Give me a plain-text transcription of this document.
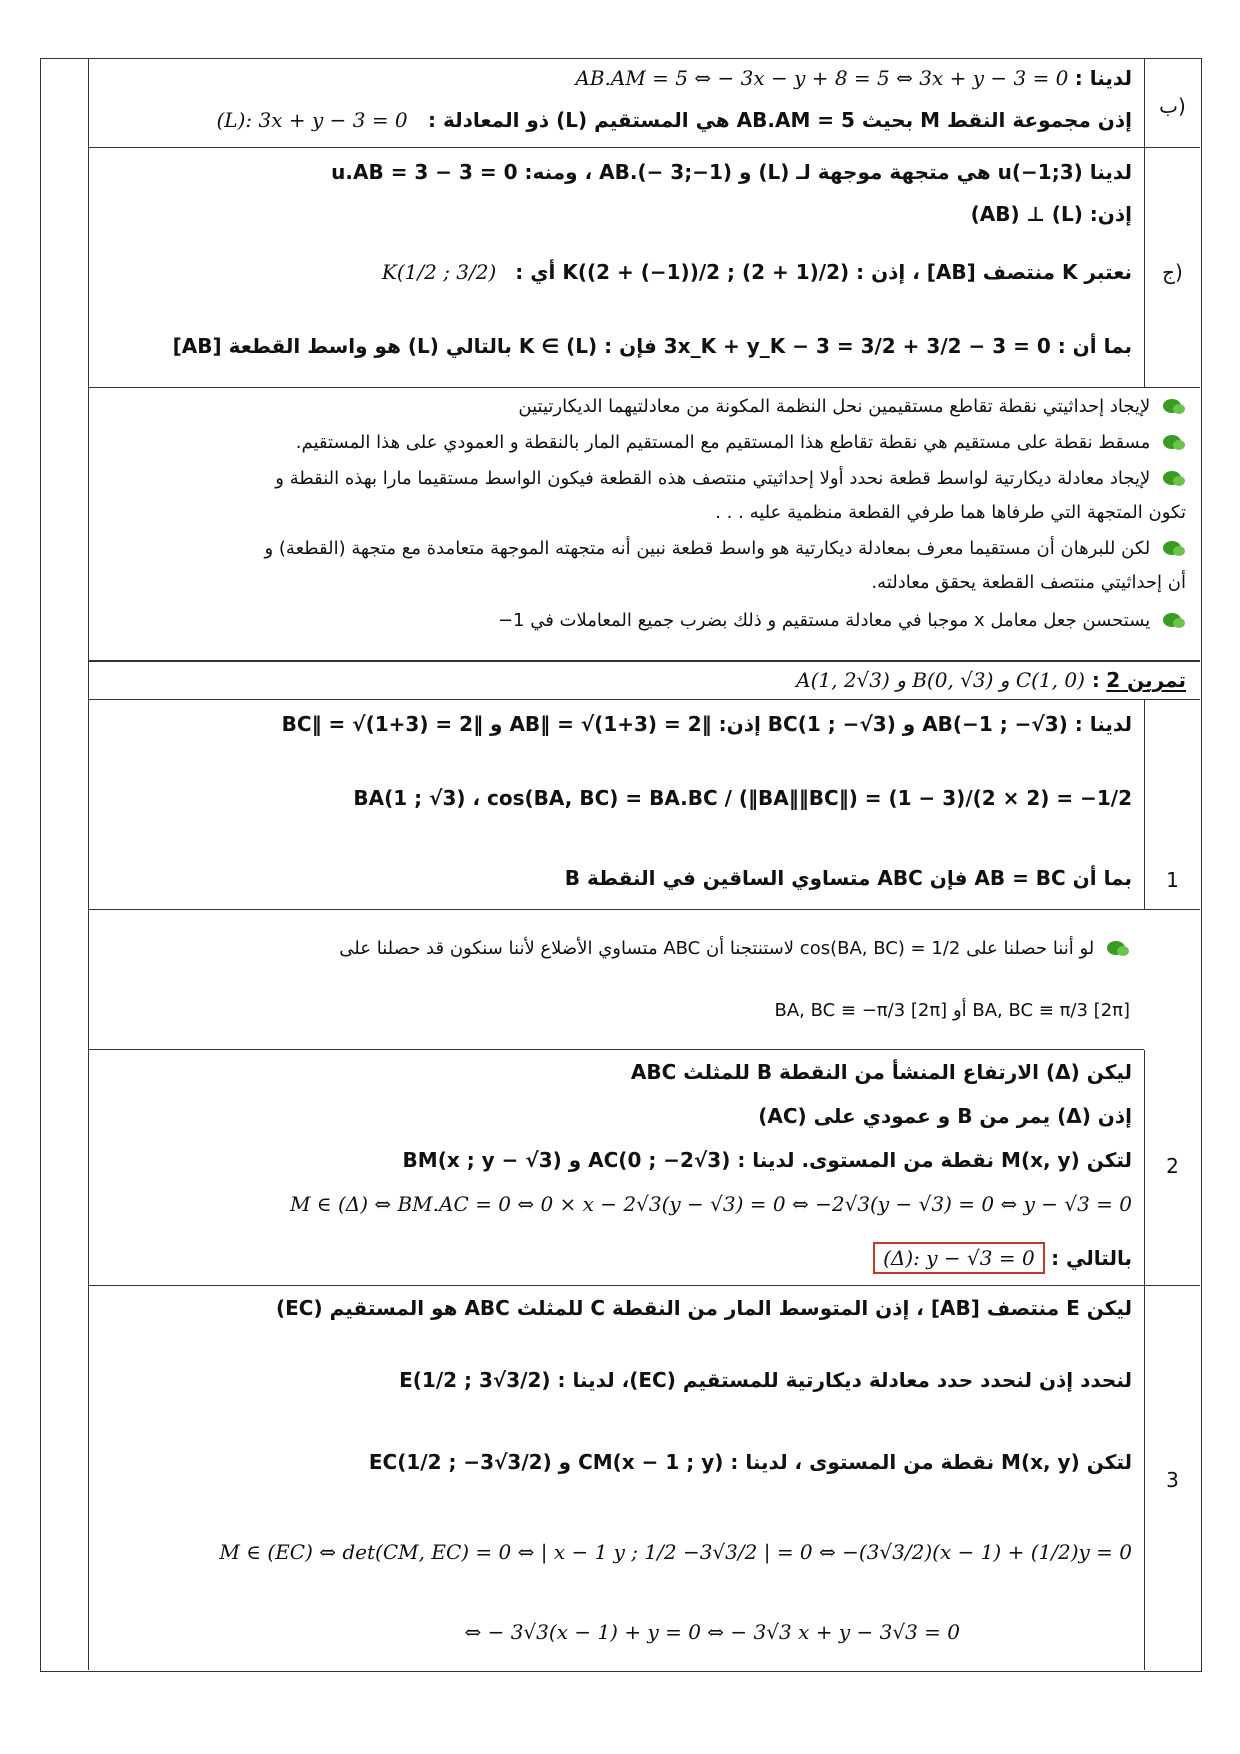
ب)
لدينا : AB.AM = 5 ⇔ − 3x − y + 8 = 5 ⇔ 3x + y − 3 = 0
إذن مجموعة النقط M بحيث AB.AM = 5 هي المستقيم (L) ذو المعادلة : (L): 3x + y − 3 = 0
ج)
لدينا u(−1;3) هي متجهة موجهة لـ (L) و AB.(− 3;−1) ، ومنه: u.AB = 3 − 3 = 0
إذن: (L) ⊥ (AB)
نعتبر K منتصف [AB] ، إذن : K((2 + (−1))/2 ; (2 + 1)/2) أي : K(1/2 ; 3/2)
بما أن : 3x_K + y_K − 3 = 3/2 + 3/2 − 3 = 0 فإن : K ∈ (L) بالتالي (L) هو واسط القطعة [AB]
لإيجاد إحداثيتي نقطة تقاطع مستقيمين نحل النظمة المكونة من معادلتيهما الديكارتيتين
مسقط نقطة على مستقيم هي نقطة تقاطع هذا المستقيم مع المستقيم المار بالنقطة و العمودي على هذا المستقيم.
لإيجاد معادلة ديكارتية لواسط قطعة نحدد أولا إحداثيتي منتصف هذه القطعة فيكون الواسط مستقيما مارا بهذه النقطة و
تكون المتجهة التي طرفاها هما طرفي القطعة منظمية عليه . . .
لكن للبرهان أن مستقيما معرف بمعادلة ديكارتية هو واسط قطعة نبين أنه متجهته الموجهة متعامدة مع متجهة (القطعة) و
أن إحداثيتي منتصف القطعة يحقق معادلته.
يستحسن جعل معامل x موجبا في معادلة مستقيم و ذلك بضرب جميع المعاملات في 1−
تمرين 2 : A(1, 2√3) و B(0, √3) و C(1, 0)
1
لدينا : AB(−1 ; −√3) و BC(1 ; −√3) إذن: ‖AB‖ = √(1+3) = 2 و ‖BC‖ = √(1+3) = 2
BA(1 ; √3) ، cos(BA, BC) = BA.BC / (‖BA‖‖BC‖) = (1 − 3)/(2 × 2) = −1/2
بما أن AB = BC فإن ABC متساوي الساقين في النقطة B
لو أننا حصلنا على cos(BA, BC) = 1/2 لاستنتجنا أن ABC متساوي الأضلاع لأننا سنكون قد حصلنا على
BA, BC ≡ π/3 [2π] أو BA, BC ≡ −π/3 [2π]
2
ليكن (Δ) الارتفاع المنشأ من النقطة B للمثلث ABC
إذن (Δ) يمر من B و عمودي على (AC)
لتكن M(x, y) نقطة من المستوى. لدينا : AC(0 ; −2√3) و BM(x ; y − √3)
M ∈ (Δ) ⇔ BM.AC = 0 ⇔ 0 × x − 2√3(y − √3) = 0 ⇔ −2√3(y − √3) = 0 ⇔ y − √3 = 0
بالتالي : (Δ): y − √3 = 0
3
ليكن E منتصف [AB] ، إذن المتوسط المار من النقطة C للمثلث ABC هو المستقيم (EC)
لنحدد إذن لنحدد حدد معادلة ديكارتية للمستقيم (EC)، لدينا : E(1/2 ; 3√3/2)
لتكن M(x, y) نقطة من المستوى ، لدينا : CM(x − 1 ; y) و EC(1/2 ; −3√3/2)
M ∈ (EC) ⇔ det(CM, EC) = 0 ⇔ | x − 1 y ; 1/2 −3√3/2 | = 0 ⇔ −(3√3/2)(x − 1) + (1/2)y = 0
⇔ − 3√3(x − 1) + y = 0 ⇔ − 3√3 x + y − 3√3 = 0
